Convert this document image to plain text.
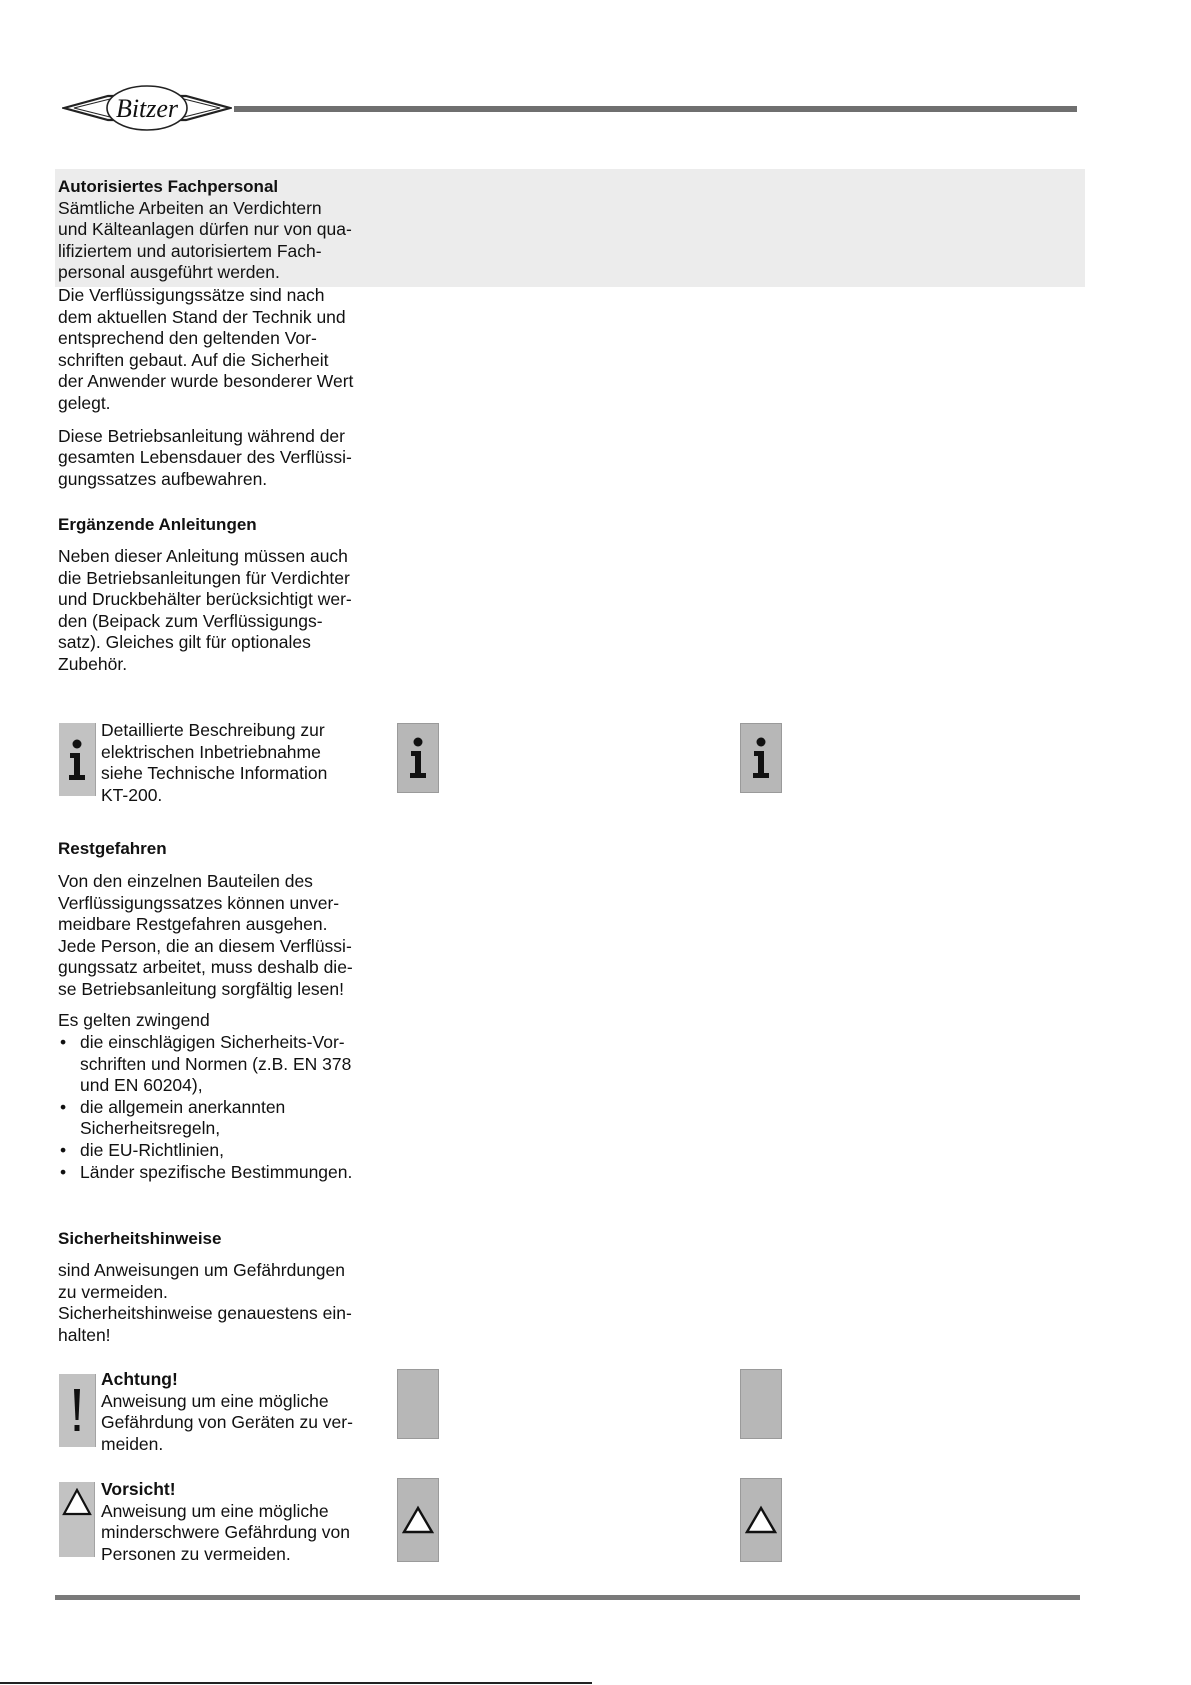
Bitzer

Autorisiertes Fachpersonal

Sämtliche Arbeiten an Verdichtern

und Kälteanlagen dürfen nur von qua-

lifiziertem und autorisiertem Fach-

personal ausgeführt werden.

Die Verflüssigungssätze sind nach

dem aktuellen Stand der Technik und

entsprechend den geltenden Vor-

schriften gebaut. Auf die Sicherheit

der Anwender wurde besonderer Wert

gelegt.

Diese Betriebsanleitung während der

gesamten Lebensdauer des Verflüssi-

gungssatzes aufbewahren.

Ergänzende Anleitungen

Neben dieser Anleitung müssen auch

die Betriebsanleitungen für Verdichter

und Druckbehälter berücksichtigt wer-

den (Beipack zum Verflüssigungs-

satz). Gleiches gilt für optionales

Zubehör.

Detaillierte Beschreibung zur

elektrischen Inbetriebnahme

siehe Technische Information

KT-200.

Restgefahren

Von den einzelnen Bauteilen des

Verflüssigungssatzes können unver-

meidbare Restgefahren ausgehen.

Jede Person, die an diesem Verflüssi-

gungssatz arbeitet, muss deshalb die-

se Betriebsanleitung sorgfältig lesen!

Es gelten zwingend

• die einschlägigen Sicherheits-Vor-
schriften und Normen (z.B. EN 378
und EN 60204),
• die allgemein anerkannten
Sicherheitsregeln,
• die EU-Richtlinien,
• Länder spezifische Bestimmungen.
Sicherheitshinweise

sind Anweisungen um Gefährdungen

zu vermeiden.

Sicherheitshinweise genauestens ein-

halten!

Achtung!

Anweisung um eine mögliche

Gefährdung von Geräten zu ver-

meiden.

Vorsicht!

Anweisung um eine mögliche

minderschwere Gefährdung von

Personen zu vermeiden.
